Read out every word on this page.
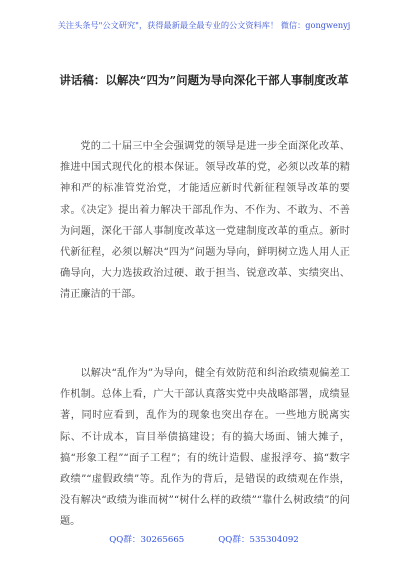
关注头条号"公文研究"，获得最新最全最专业的公文资料库！ 微信：gongwenyj
讲话稿：以解决“四为”问题为导向深化干部人事制度改革

党的二十届三中全会强调党的领导是进一步全面深化改革、推进中国式现代化的根本保证。领导改革的党，必须以改革的精神和严的标准管党治党，才能适应新时代新征程领导改革的要求。《决定》提出着力解决干部乱作为、不作为、不敢为、不善为问题，深化干部人事制度改革这一党建制度改革的重点。新时代新征程，必须以解决“四为”问题为导向，鲜明树立选人用人正确导向，大力选拔政治过硬、敢于担当、锐意改革、实绩突出、清正廉洁的干部。

以解决“乱作为”为导向，健全有效防范和纠治政绩观偏差工作机制。总体上看，广大干部认真落实党中央战略部署，成绩显著，同时应看到，乱作为的现象也突出存在。一些地方脱离实际、不计成本，盲目举债搞建设；有的搞大场面、铺大摊子，搞“形象工程”“面子工程”；有的统计造假、虚报浮夸、搞“数字政绩”“虚假政绩”等。乱作为的背后，是错误的政绩观在作祟，没有解决“政绩为谁而树”“树什么样的政绩”“靠什么树政绩”的问题。

QQ群：30265665	QQ群：535304092
